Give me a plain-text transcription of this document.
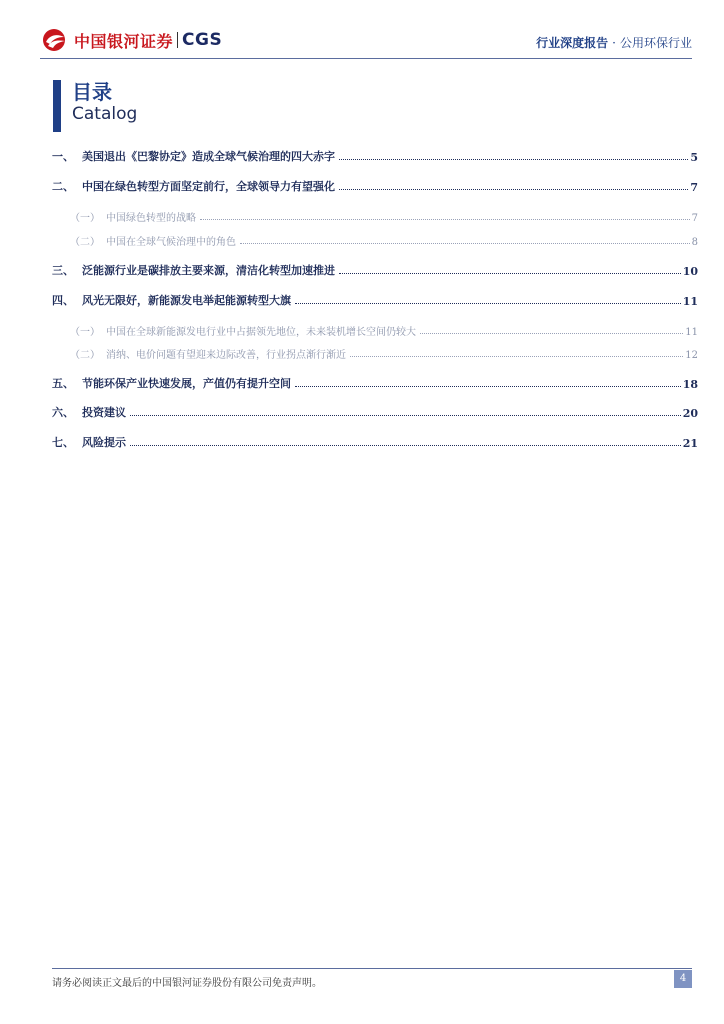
中国银河证券 CGS	行业深度报告 · 公用环保行业
目录
Catalog
一、 美国退出《巴黎协定》造成全球气候治理的四大赤字	5
二、 中国在绿色转型方面坚定前行，全球领导力有望强化	7
（一） 中国绿色转型的战略	7
（二） 中国在全球气候治理中的角色	8
三、 泛能源行业是碳排放主要来源，清洁化转型加速推进	10
四、 风光无限好，新能源发电举起能源转型大旗	11
（一） 中国在全球新能源发电行业中占据领先地位，未来装机增长空间仍较大	11
（二） 消纳、电价问题有望迎来边际改善，行业拐点渐行渐近	12
五、 节能环保产业快速发展，产值仍有提升空间	18
六、 投资建议	20
七、 风险提示	21
请务必阅读正文最后的中国银河证券股份有限公司免责声明。	4
